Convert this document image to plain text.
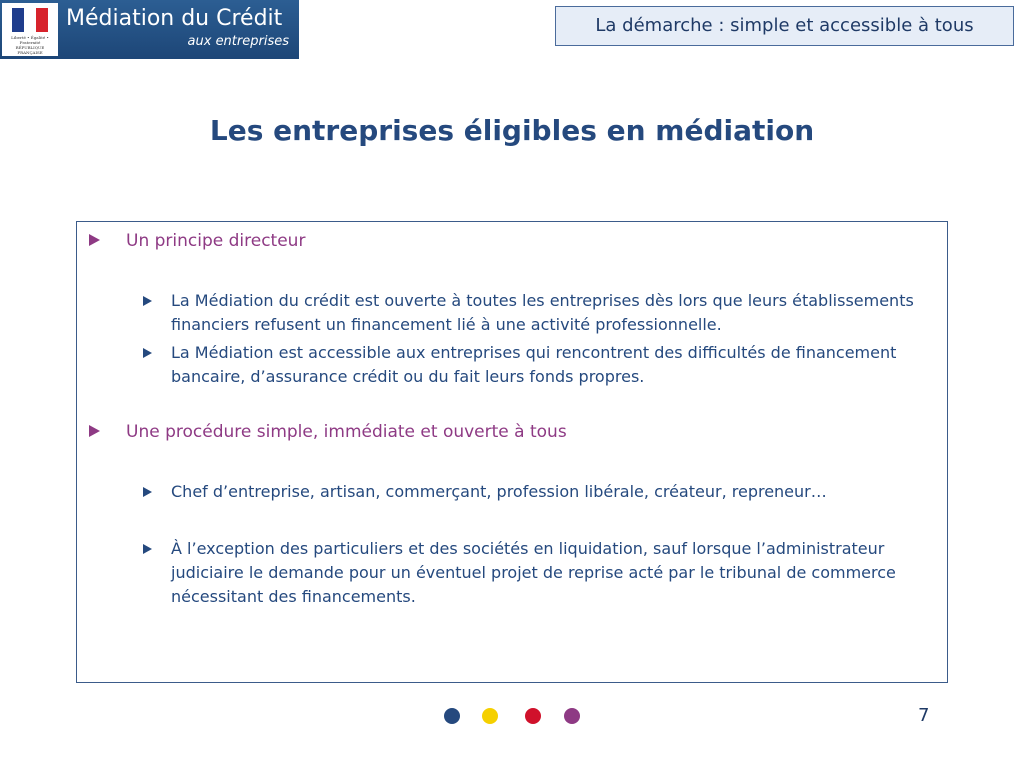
Liberté • Égalité • Fraternité RÉPUBLIQUE FRANÇAISE
Médiation du Crédit
aux entreprises
La démarche : simple et accessible à tous
Les entreprises éligibles en médiation
Un principe directeur
La Médiation du crédit est ouverte à toutes les entreprises dès lors que leurs établissements financiers refusent un financement lié à une activité professionnelle.
La Médiation est accessible aux entreprises qui rencontrent des difficultés de financement bancaire, d’assurance crédit ou du fait leurs fonds propres.
Une procédure simple, immédiate et ouverte à tous
Chef d’entreprise, artisan, commerçant, profession libérale, créateur, repreneur…
À l’exception des particuliers et des sociétés en liquidation, sauf lorsque l’administrateur judiciaire le demande pour un éventuel projet de reprise acté par le tribunal de commerce nécessitant des financements.
7
